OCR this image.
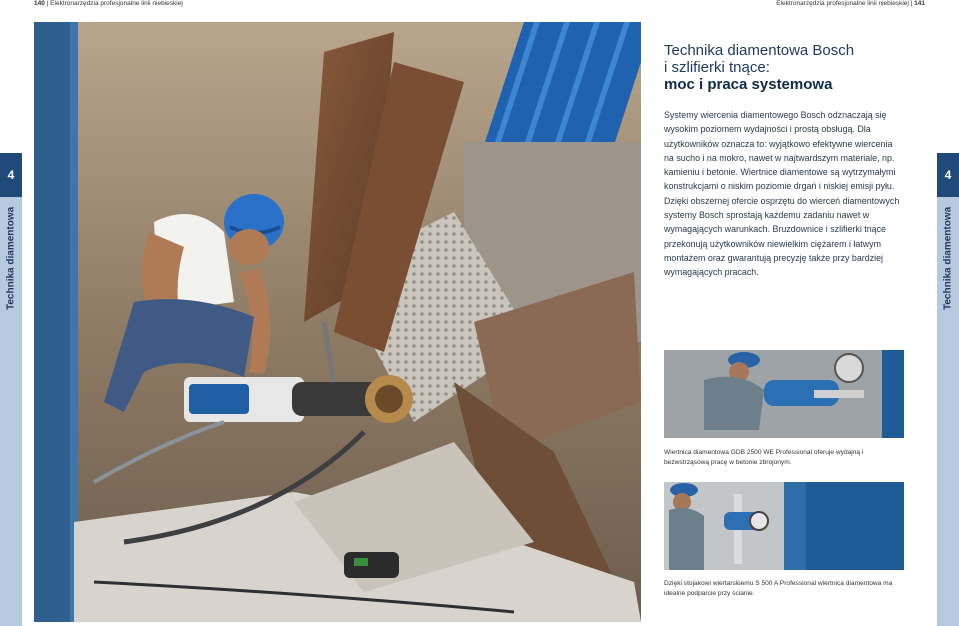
140 | Elektronarzędzia profesjonalne linii niebieskiej	Elektronarzędzia profesjonalne linii niebieskiej | 141
4
Technika diamentowa
4
Technika diamentowa
Technika diamentowa Bosch
i szlifierki tnące:
moc i praca systemowa
Systemy wiercenia diamentowego Bosch odznaczają się wysokim poziomem wydajności i prostą obsługą. Dla użytkowników oznacza to: wyjątkowo efektywne wiercenia na sucho i na mokro, nawet w najtwardszym materiale, np. kamieniu i betonie. Wiertnice diamentowe są wytrzymałymi konstrukcjami o niskim poziomie drgań i niskiej emisji pyłu. Dzięki obszernej ofercie osprzętu do wierceń diamentowych systemy Bosch sprostają każdemu zadaniu nawet w wymagających warunkach. Bruzdownice i szlifierki tnące przekonują użytkowników niewielkim ciężarem i łatwym montażem oraz gwarantują precyzję także przy bardziej wymagających pracach.
Wiertnica diamentowa GDB 2500 WE Professional oferuje wydajną i bezwstrząsową pracę w betonie zbrojonym.
Dzięki stojakowi wiertarskiemu S 500 A Professional wiertnica diamentowa ma idealne podparcie przy ścianie.
